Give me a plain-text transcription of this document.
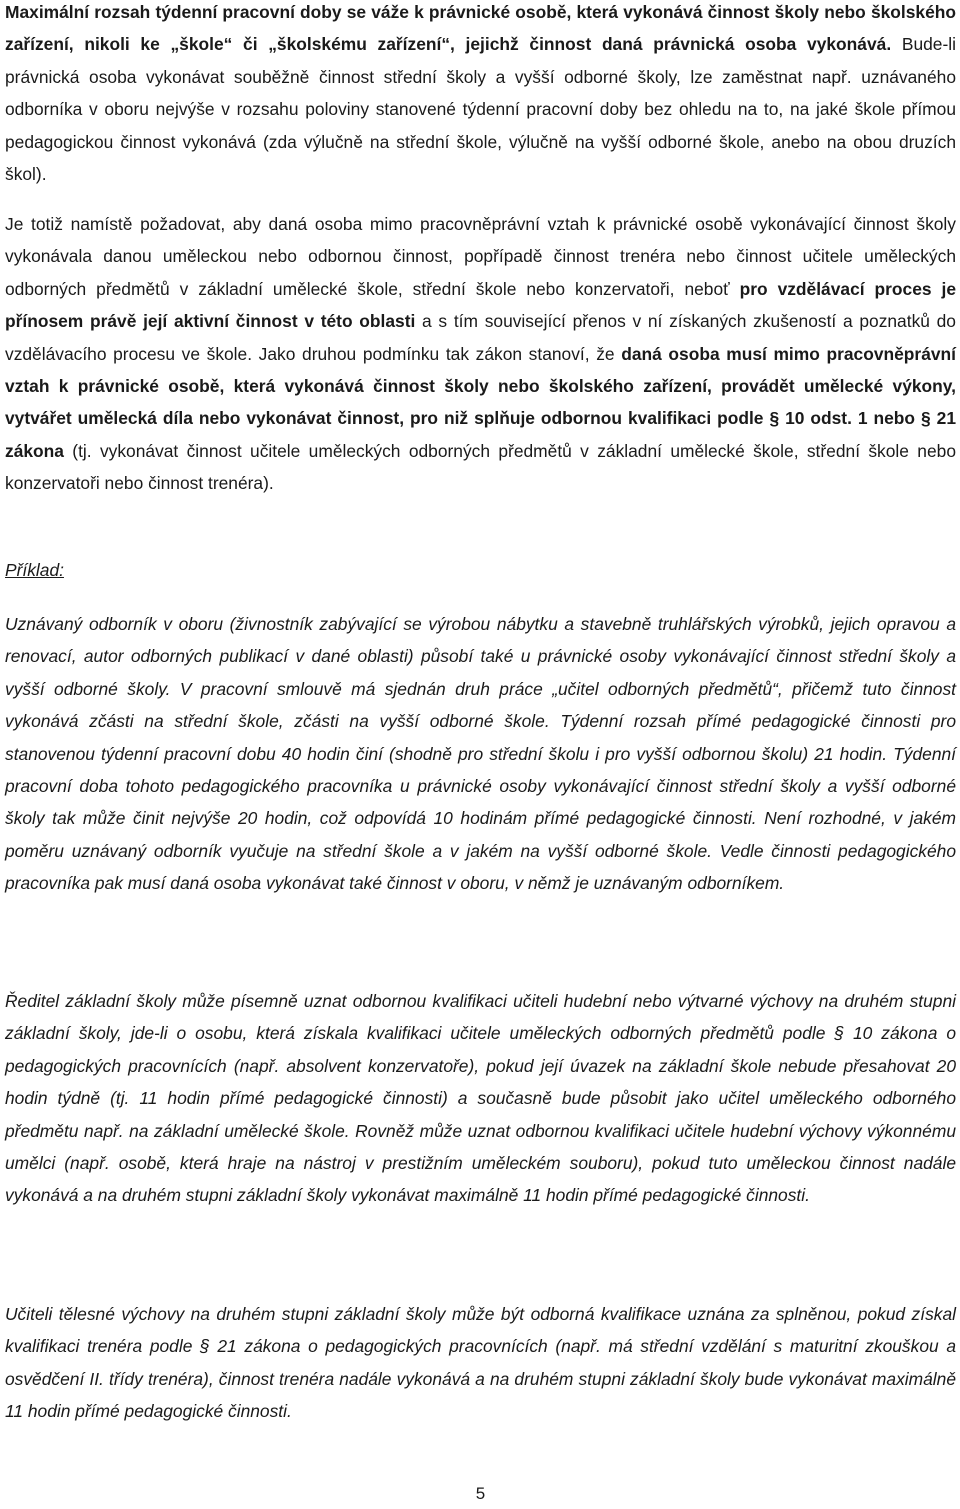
Maximální rozsah týdenní pracovní doby se váže k právnické osobě, která vykonává činnost školy nebo školského zařízení, nikoli ke „škole“ či „školskému zařízení“, jejichž činnost daná právnická osoba vykonává. Bude-li právnická osoba vykonávat souběžně činnost střední školy a vyšší odborné školy, lze zaměstnat např. uznávaného odborníka v oboru nejvýše v rozsahu poloviny stanovené týdenní pracovní doby bez ohledu na to, na jaké škole přímou pedagogickou činnost vykonává (zda výlučně na střední škole, výlučně na vyšší odborné škole, anebo na obou druzích škol).

Je totiž namístě požadovat, aby daná osoba mimo pracovněprávní vztah k právnické osobě vykonávající činnost školy vykonávala danou uměleckou nebo odbornou činnost, popřípadě činnost trenéra nebo činnost učitele uměleckých odborných předmětů v základní umělecké škole, střední škole nebo konzervatoři, neboť pro vzdělávací proces je přínosem právě její aktivní činnost v této oblasti a s tím související přenos v ní získaných zkušeností a poznatků do vzdělávacího procesu ve škole. Jako druhou podmínku tak zákon stanoví, že daná osoba musí mimo pracovněprávní vztah k právnické osobě, která vykonává činnost školy nebo školského zařízení, provádět umělecké výkony, vytvářet umělecká díla nebo vykonávat činnost, pro niž splňuje odbornou kvalifikaci podle § 10 odst. 1 nebo § 21 zákona (tj. vykonávat činnost učitele uměleckých odborných předmětů v základní umělecké škole, střední škole nebo konzervatoři nebo činnost trenéra).

Příklad:

Uznávaný odborník v oboru (živnostník zabývající se výrobou nábytku a stavebně truhlářských výrobků, jejich opravou a renovací, autor odborných publikací v dané oblasti) působí také u právnické osoby vykonávající činnost střední školy a vyšší odborné školy. V pracovní smlouvě má sjednán druh práce „učitel odborných předmětů“, přičemž tuto činnost vykonává zčásti na střední škole, zčásti na vyšší odborné škole. Týdenní rozsah přímé pedagogické činnosti pro stanovenou týdenní pracovní dobu 40 hodin činí (shodně pro střední školu i pro vyšší odbornou školu) 21 hodin. Týdenní pracovní doba tohoto pedagogického pracovníka u právnické osoby vykonávající činnost střední školy a vyšší odborné školy tak může činit nejvýše 20 hodin, což odpovídá 10 hodinám přímé pedagogické činnosti. Není rozhodné, v jakém poměru uznávaný odborník vyučuje na střední škole a v jakém na vyšší odborné škole. Vedle činnosti pedagogického pracovníka pak musí daná osoba vykonávat také činnost v oboru, v němž je uznávaným odborníkem.

Ředitel základní školy může písemně uznat odbornou kvalifikaci učiteli hudební nebo výtvarné výchovy na druhém stupni základní školy, jde-li o osobu, která získala kvalifikaci učitele uměleckých odborných předmětů podle § 10 zákona o pedagogických pracovnících (např. absolvent konzervatoře), pokud její úvazek na základní škole nebude přesahovat 20 hodin týdně (tj. 11 hodin přímé pedagogické činnosti) a současně bude působit jako učitel uměleckého odborného předmětu např. na základní umělecké škole. Rovněž může uznat odbornou kvalifikaci učitele hudební výchovy výkonnému umělci (např. osobě, která hraje na nástroj v prestižním uměleckém souboru), pokud tuto uměleckou činnost nadále vykonává a na druhém stupni základní školy vykonávat maximálně 11 hodin přímé pedagogické činnosti.

Učiteli tělesné výchovy na druhém stupni základní školy může být odborná kvalifikace uznána za splněnou, pokud získal kvalifikaci trenéra podle § 21 zákona o pedagogických pracovnících (např. má střední vzdělání s maturitní zkouškou a osvědčení II. třídy trenéra), činnost trenéra nadále vykonává a na druhém stupni základní školy bude vykonávat maximálně 11 hodin přímé pedagogické činnosti.

5
